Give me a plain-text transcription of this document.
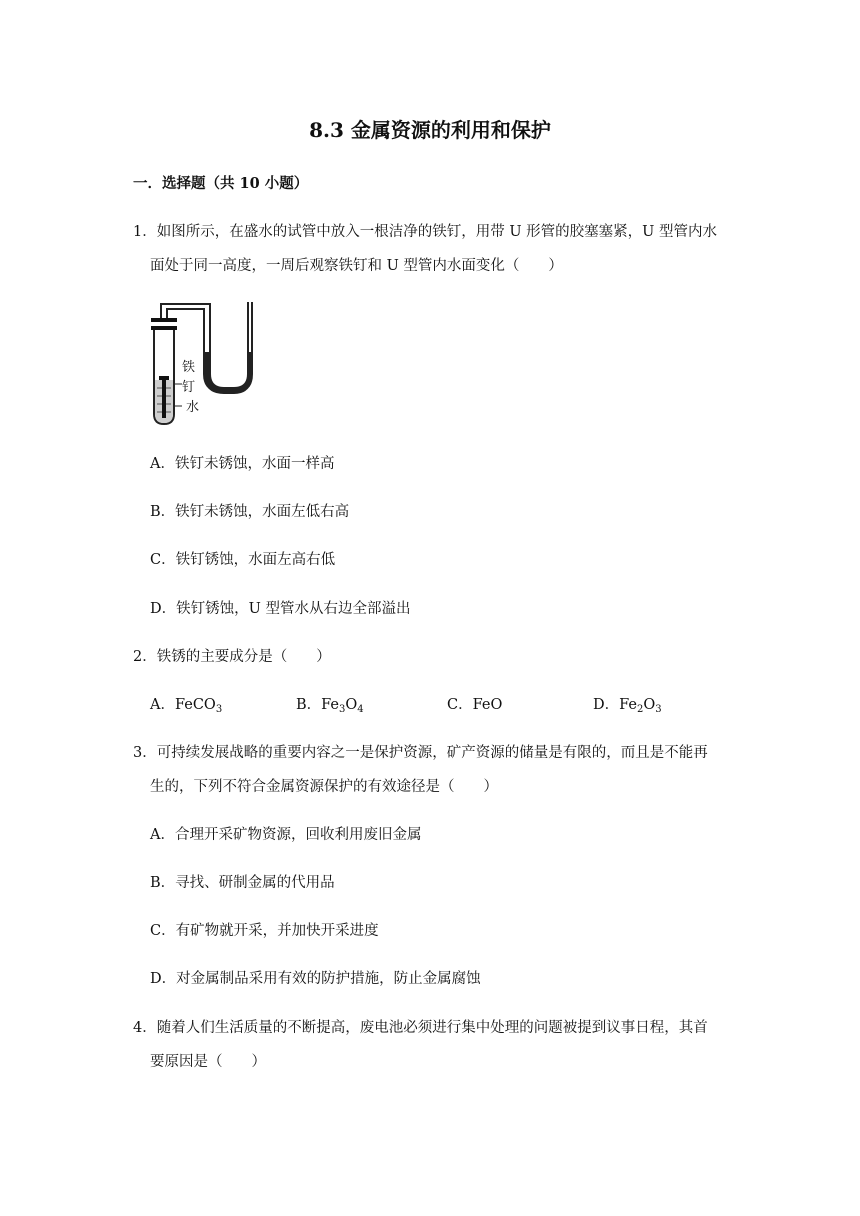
8.3 金属资源的利用和保护
一．选择题（共 10 小题）
1．如图所示，在盛水的试管中放入一根洁净的铁钉，用带 U 形管的胶塞塞紧，U 型管内水
面处于同一高度，一周后观察铁钉和 U 型管内水面变化（　　）
铁
钉
水
A．铁钉未锈蚀，水面一样高
B．铁钉未锈蚀，水面左低右高
C．铁钉锈蚀，水面左高右低
D．铁钉锈蚀，U 型管水从右边全部溢出
2．铁锈的主要成分是（　　）
A．FeCO$_3$	B．$Fe_3O_4$	C．FeO	D．$Fe_2O_3$
3．可持续发展战略的重要内容之一是保护资源，矿产资源的储量是有限的，而且是不能再
生的，下列不符合金属资源保护的有效途径是（　　）
A．合理开采矿物资源，回收利用废旧金属
B．寻找、研制金属的代用品
C．有矿物就开采，并加快开采进度
D．对金属制品采用有效的防护措施，防止金属腐蚀
4．随着人们生活质量的不断提高，废电池必须进行集中处理的问题被提到议事日程，其首
要原因是（　　）
